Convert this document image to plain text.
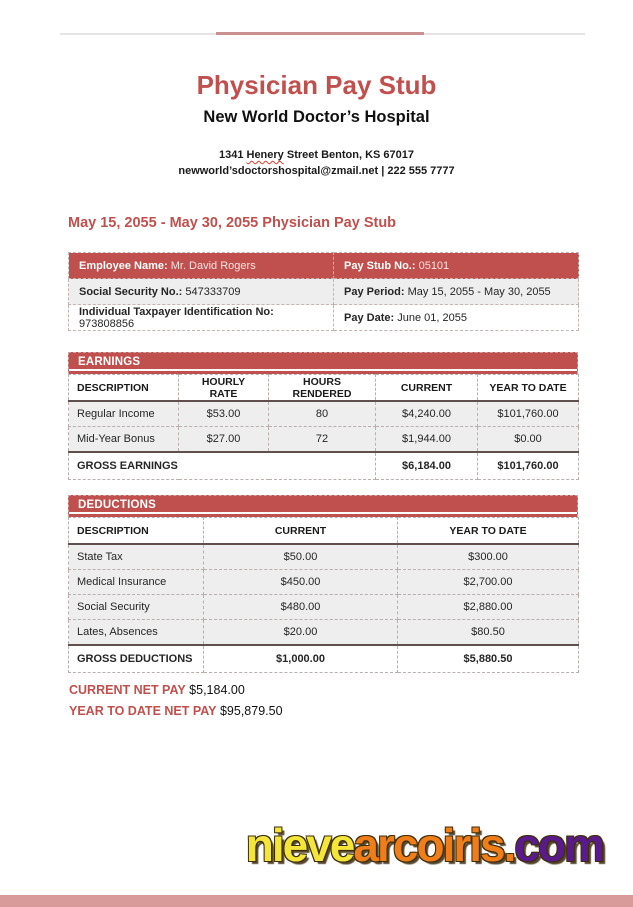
Physician Pay Stub
New World Doctor’s Hospital

1341 Henery Street Benton, KS 67017

newworld’sdoctorshospital@zmail.net | 222 555 7777

May 15, 2055 - May 30, 2055 Physician Pay Stub
Employee Name: Mr. David Rogers	Pay Stub No.: 05101
Social Security No.: 547333709	Pay Period: May 15, 2055 - May 30, 2055
Individual Taxpayer Identification No: 973808856	Pay Date: June 01, 2055
EARNINGS
DESCRIPTION	HOURLY RATE	HOURS RENDERED	CURRENT	YEAR TO DATE
Regular Income	$53.00	80	$4,240.00	$101,760.00
Mid-Year Bonus	$27.00	72	$1,944.00	$0.00
GROSS EARNINGS			$6,184.00	$101,760.00
DEDUCTIONS
DESCRIPTION	CURRENT	YEAR TO DATE
State Tax	$50.00	$300.00
Medical Insurance	$450.00	$2,700.00
Social Security	$480.00	$2,880.00
Lates, Absences	$20.00	$80.50
GROSS DEDUCTIONS	$1,000.00	$5,880.50

CURRENT NET PAY $5,184.00

YEAR TO DATE NET PAY $95,879.50

nievearcoiris.com
